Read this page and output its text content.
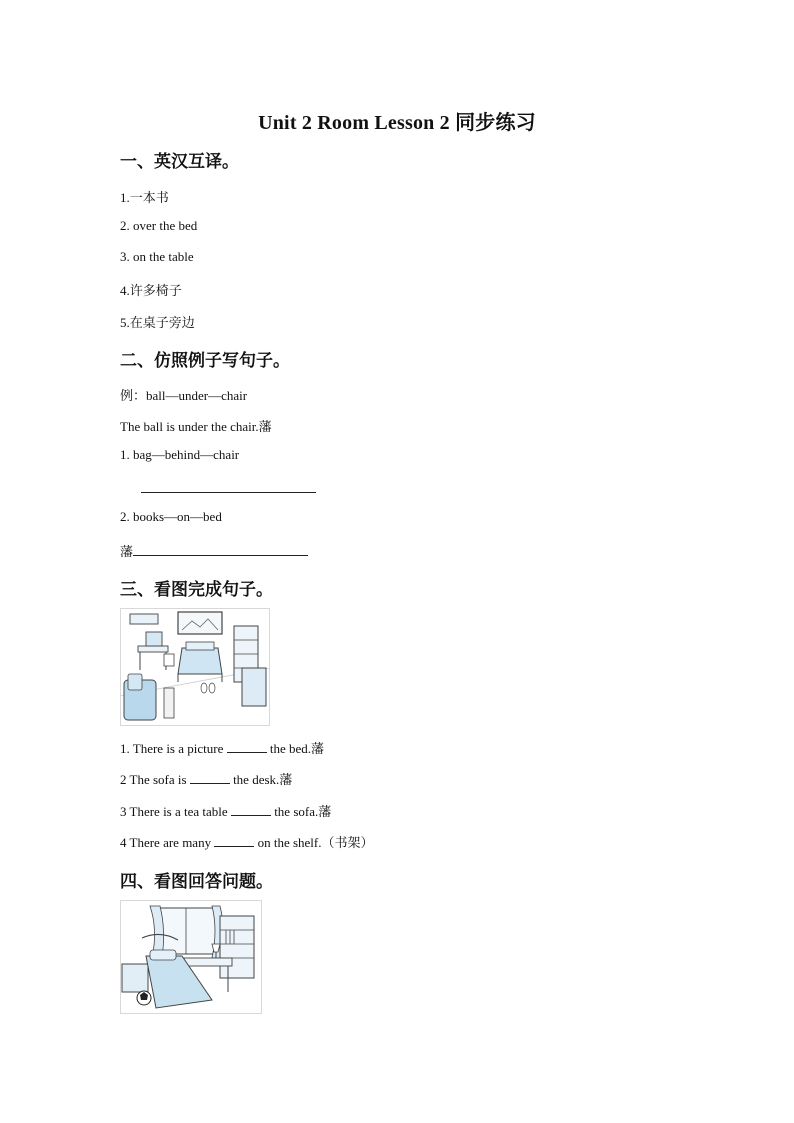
Unit 2 Room Lesson 2 同步练习
一、英汉互译。
1.一本书
2. over the bed
3. on the table
4.许多椅子
5.在桌子旁边
二、仿照例子写句子。
例：ball—under—chair
The ball is under the chair.藩
1. bag—behind—chair
2. books—on—bed
藩
三、看图完成句子。
1. There is a picture	the bed.藩
2 The sofa is	the desk.藩
3 There is a tea table	the sofa.藩
4 There are many	on the shelf.（书架）
四、看图回答问题。
